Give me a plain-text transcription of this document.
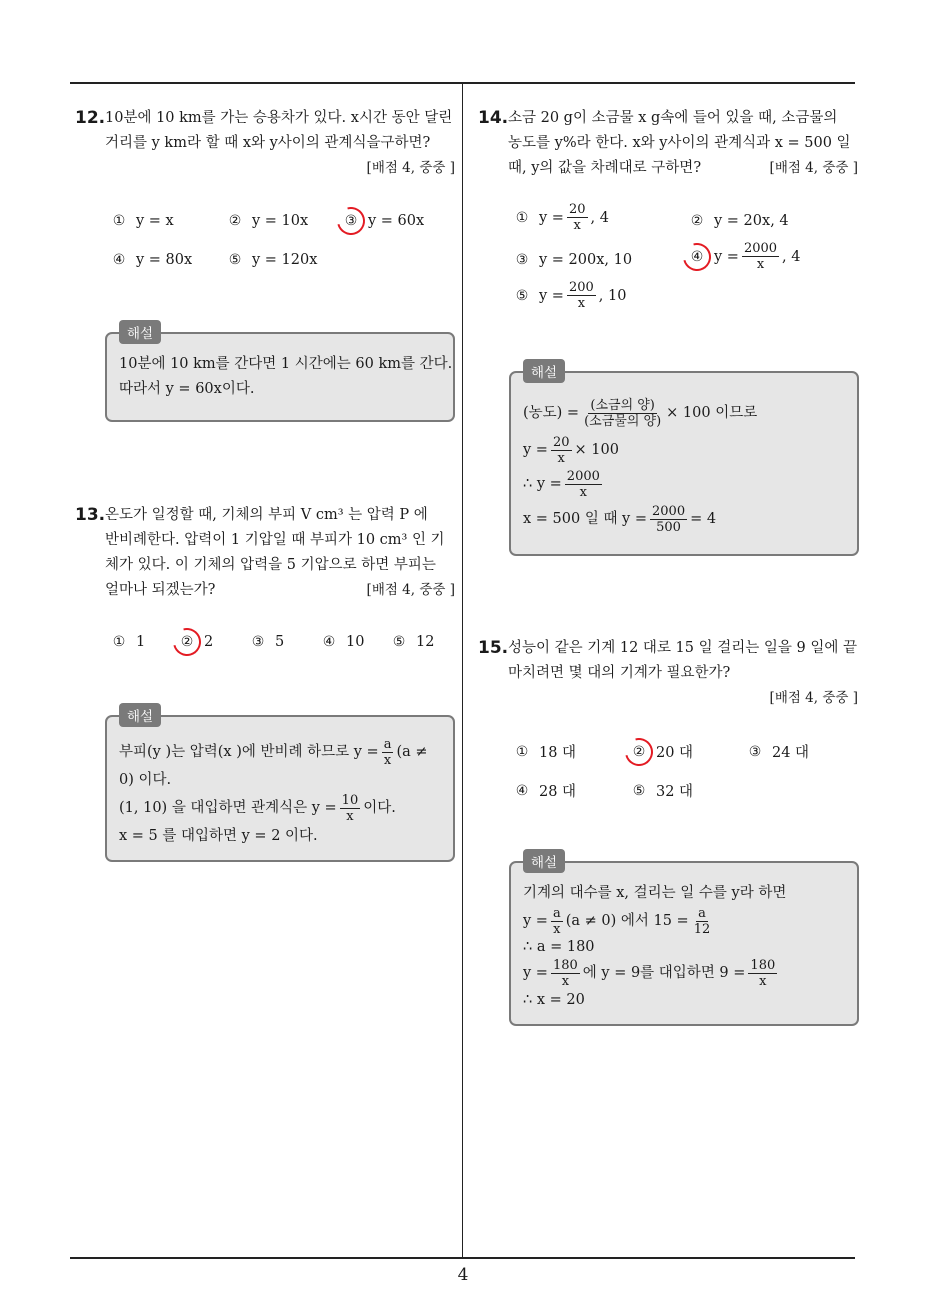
12. 10분에 10 km를 가는 승용차가 있다. x시간 동안 달린
거리를 y km라 할 때 x와 y사이의 관계식을구하면?
[배점 4, 중중 ]
① y = x	② y = 10x	③ y = 60x
④ y = 80x	⑤ y = 120x
해설
10분에 10 km를 간다면 1 시간에는 60 km를 간다.
따라서 y = 60x이다.
13. 온도가 일정할 때, 기체의 부피 V cm³ 는 압력 P 에
반비례한다. 압력이 1 기압일 때 부피가 10 cm³ 인 기
체가 있다. 이 기체의 압력을 5 기압으로 하면 부피는
얼마나 되겠는가?	[배점 4, 중중 ]
① 1	② 2	③ 5	④ 10 ⑤ 12
해설
부피(y )는 압력(x )에 반비례 하므로 $y = \frac{a}{x} (a$ ≠
0) 이다.
(1, 10) 을 대입하면 관계식은 $y = \frac{10}{x}$ 이다.
x = 5 를 대입하면 y = 2 이다.
14. 소금 20 g이 소금물 x g속에 들어 있을 때, 소금물의
농도를 y%라 한다. x와 y사이의 관계식과 x = 500 일
때, y의 값을 차례대로 구하면?	[배점 4, 중중 ]
① $y = \frac{20}{x}$ , 4	② y = 20x, 4
③ y = 200x, 10	④ $y = \frac{2000}{x}$ , 4
⑤ $y = \frac{200}{x}$ , 10
해설
(농도) = $\frac{\text{(소금의 양)}}{\text{(소금물의 양)}} \times 100$ 이므로
$y = \frac{20}{x} \times 100$
∴ $y = \frac{2000}{x}$
x = 500 일 때 $y = \frac{2000}{500} = 4$
15. 성능이 같은 기계 12 대로 15 일 걸리는 일을 9 일에 끝
마치려면 몇 대의 기계가 필요한가?
[배점 4, 중중 ]
① 18 대	② 20 대	③ 24 대
④ 28 대	⑤ 32 대
해설
기계의 대수를 x, 걸리는 일 수를 y라 하면
$y = \frac{a}{x} (a \ne 0)$ 에서 $15 = \frac{a}{12}$
∴ a = 180
$y = \frac{180}{x}$ 에 y = 9를 대입하면 $9 = \frac{180}{x}$
∴ x = 20
4
